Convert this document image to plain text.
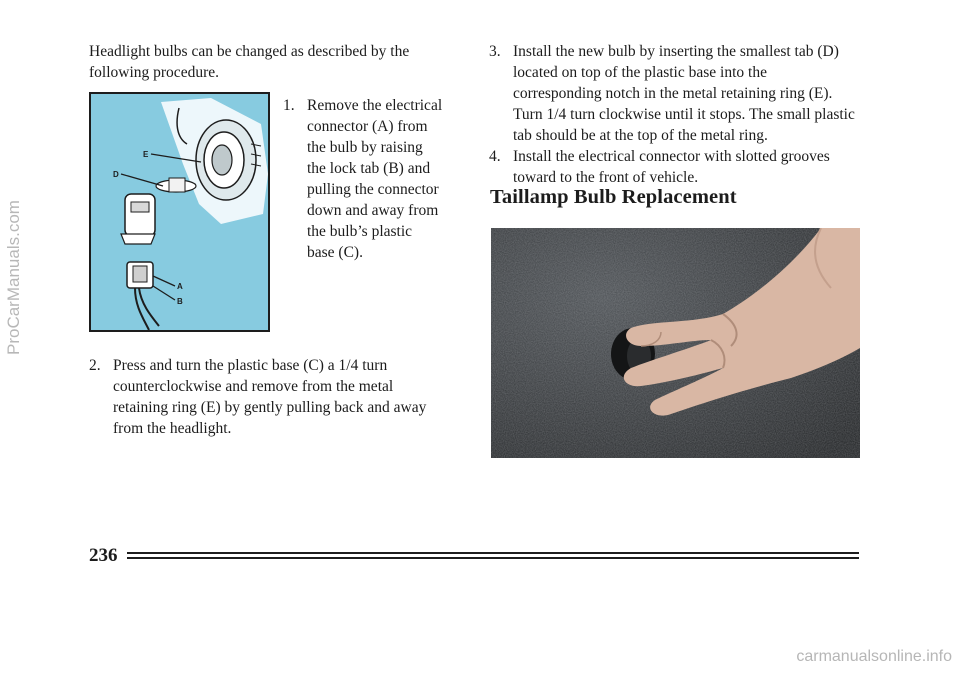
Headlight bulbs can be changed as described by the following procedure.

E
D
A
B
1. Remove the electrical connector (A) from the bulb by raising the lock tab (B) and pulling the connector down and away from the bulb’s plastic base (C).
2. Press and turn the plastic base (C) a 1/4 turn counterclockwise and remove from the metal retaining ring (E) by gently pulling back and away from the headlight.
3. Install the new bulb by inserting the smallest tab (D) located on top of the plastic base into the corresponding notch in the metal retaining ring (E). Turn 1/4 turn clockwise until it stops. The small plastic tab should be at the top of the metal ring.
4. Install the electrical connector with slotted grooves toward to the front of vehicle.
Taillamp Bulb Replacement

236

ProCarManuals.com

carmanualsonline.info
